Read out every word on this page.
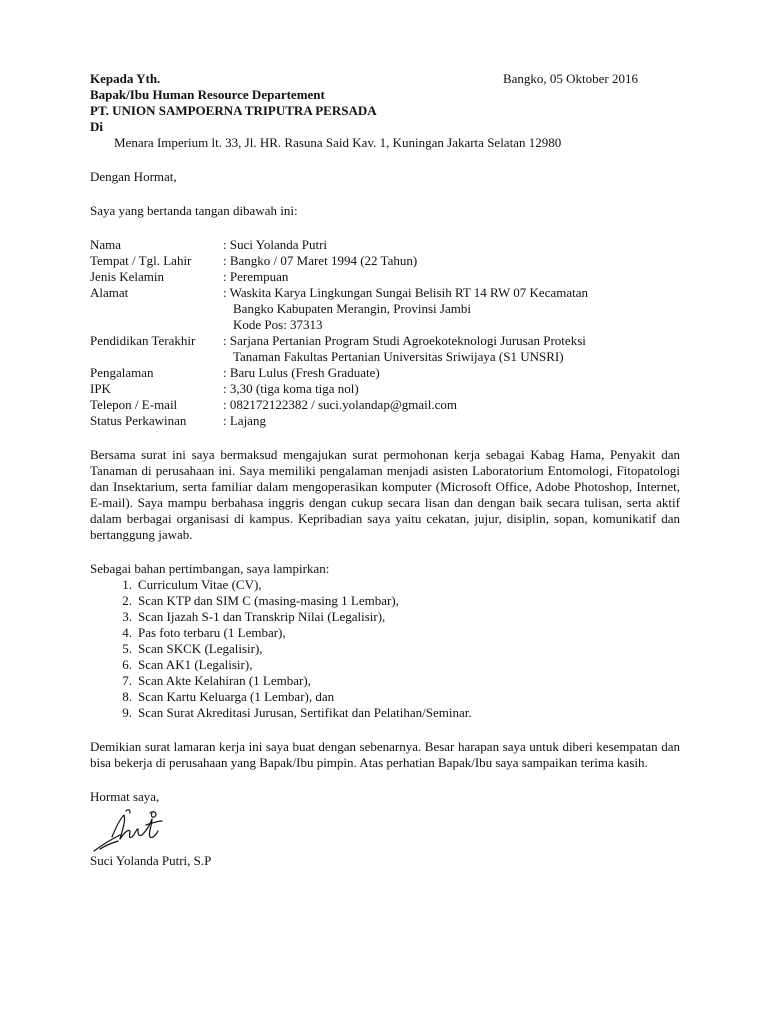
Kepada Yth.	Bangko, 05 Oktober 2016
Bapak/Ibu Human Resource Departement
PT. UNION SAMPOERNA TRIPUTRA PERSADA
Di
Menara Imperium lt. 33, Jl. HR. Rasuna Said Kav. 1, Kuningan Jakarta Selatan 12980
Dengan Hormat,
Saya yang bertanda tangan dibawah ini:
Nama	: Suci Yolanda Putri
Tempat / Tgl. Lahir	: Bangko / 07 Maret 1994 (22 Tahun)
Jenis Kelamin	: Perempuan
Alamat	: Waskita Karya Lingkungan Sungai Belisih RT 14 RW 07 Kecamatan
Bangko Kabupaten Merangin, Provinsi Jambi
Kode Pos: 37313
Pendidikan Terakhir	: Sarjana Pertanian Program Studi Agroekoteknologi Jurusan Proteksi
Tanaman Fakultas Pertanian Universitas Sriwijaya (S1 UNSRI)
Pengalaman	: Baru Lulus (Fresh Graduate)
IPK	: 3,30 (tiga koma tiga nol)
Telepon / E-mail	: 082172122382 / suci.yolandap@gmail.com
Status Perkawinan	: Lajang
Bersama surat ini saya bermaksud mengajukan surat permohonan kerja sebagai Kabag Hama, Penyakit dan Tanaman di perusahaan ini. Saya memiliki pengalaman menjadi asisten Laboratorium Entomologi, Fitopatologi dan Insektarium, serta familiar dalam mengoperasikan komputer (Microsoft Office, Adobe Photoshop, Internet, E-mail). Saya mampu berbahasa inggris dengan cukup secara lisan dan dengan baik secara tulisan, serta aktif dalam berbagai organisasi di kampus. Kepribadian saya yaitu cekatan, jujur, disiplin, sopan, komunikatif dan bertanggung jawab.
Sebagai bahan pertimbangan, saya lampirkan:
1. Curriculum Vitae (CV),
2. Scan KTP dan SIM C (masing-masing 1 Lembar),
3. Scan Ijazah S-1 dan Transkrip Nilai (Legalisir),
4. Pas foto terbaru (1 Lembar),
5. Scan SKCK (Legalisir),
6. Scan AK1 (Legalisir),
7. Scan Akte Kelahiran (1 Lembar),
8. Scan Kartu Keluarga (1 Lembar), dan
9. Scan Surat Akreditasi Jurusan, Sertifikat dan Pelatihan/Seminar.
Demikian surat lamaran kerja ini saya buat dengan sebenarnya. Besar harapan saya untuk diberi kesempatan dan bisa bekerja di perusahaan yang Bapak/Ibu pimpin. Atas perhatian Bapak/Ibu saya sampaikan terima kasih.
Hormat saya,
Suci Yolanda Putri, S.P
